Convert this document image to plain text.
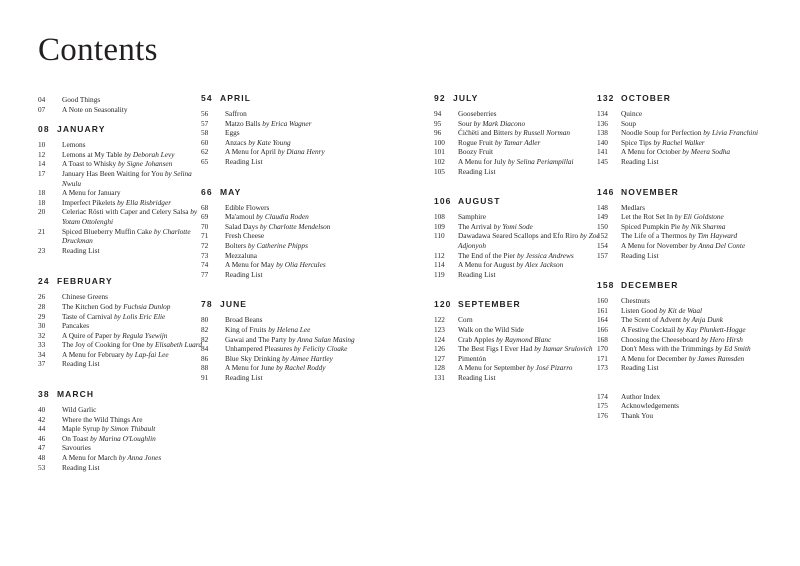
Contents
04 Good Things
07 A Note on Seasonality
08 JANUARY
10 Lemons
12 Lemons at My Table by Deborah Levy
14 A Toast to Whisky by Signe Johansen
17 January Has Been Waiting for You by Selina Nwulu
18 A Menu for January
18 Imperfect Pikelets by Ella Risbridger
20 Celeriac Rösti with Caper and Celery Salsa by Yotam Ottolenghi
21 Spiced Blueberry Muffin Cake by Charlotte Druckman
23 Reading List
24 FEBRUARY
26 Chinese Greens
28 The Kitchen God by Fuchsia Dunlop
29 Taste of Carnival by Lolis Eric Elie
30 Pancakes
32 A Quire of Paper by Regula Ysewijn
33 The Joy of Cooking for One by Elisabeth Luard
34 A Menu for February by Lap-fai Lee
37 Reading List
38 MARCH
40 Wild Garlic
42 Where the Wild Things Are
44 Maple Syrup by Simon Thibault
46 On Toast by Marina O'Loughlin
47 Savouries
48 A Menu for March by Anna Jones
53 Reading List
54 APRIL
56 Saffron
57 Matzo Balls by Erica Wagner
58 Eggs
60 Anzacs by Kate Young
62 A Menu for April by Diana Henry
65 Reading List
66 MAY
68 Edible Flowers
69 Ma'amoul by Claudia Roden
70 Salad Days by Charlotte Mendelson
71 Fresh Cheese
72 Bolters by Catherine Phipps
73 Mezzaluna
74 A Menu for May by Olia Hercules
77 Reading List
78 JUNE
80 Broad Beans
82 King of Fruits by Helena Lee
82 Gawai and The Party by Anna Sulan Masing
84 Unhampered Pleasures by Felicity Cloake
86 Blue Sky Drinking by Aimee Hartley
88 A Menu for June by Rachel Roddy
91 Reading List
92 JULY
94 Gooseberries
95 Sour by Mark Diacono
96 Ćićhëti and Bitters by Russell Norman
100 Rogue Fruit by Tamar Adler
101 Boozy Fruit
102 A Menu for July by Selina Periampillai
105 Reading List
106 AUGUST
108 Samphire
109 The Arrival by Yomi Sode
110 Dawadawa Seared Scallops and Efo Riro by Zoe Adjonyoh
112 The End of the Pier by Jessica Andrews
114 A Menu for August by Alex Jackson
119 Reading List
120 SEPTEMBER
122 Corn
123 Walk on the Wild Side
124 Crab Apples by Raymond Blanc
126 The Best Figs I Ever Had by Itamar Srulovich
127 Pimentón
128 A Menu for September by José Pizarro
131 Reading List
132 OCTOBER
134 Quince
136 Soup
138 Noodle Soup for Perfection by Livia Franchini
140 Spice Tips by Rachel Walker
141 A Menu for October by Meera Sodha
145 Reading List
146 NOVEMBER
148 Medlars
149 Let the Rot Set In by Eli Goldstone
150 Spiced Pumpkin Pie by Nik Sharma
152 The Life of a Thermos by Tim Hayward
154 A Menu for November by Anna Del Conte
157 Reading List
158 DECEMBER
160 Chestnuts
161 Listen Good by Kit de Waal
164 The Scent of Advent by Anja Dunk
166 A Festive Cocktail by Kay Plunkett-Hogge
168 Choosing the Cheeseboard by Hero Hirsh
170 Don't Mess with the Trimmings by Ed Smith
171 A Menu for December by James Ramsden
173 Reading List
174 Author Index
175 Acknowledgements
176 Thank You
